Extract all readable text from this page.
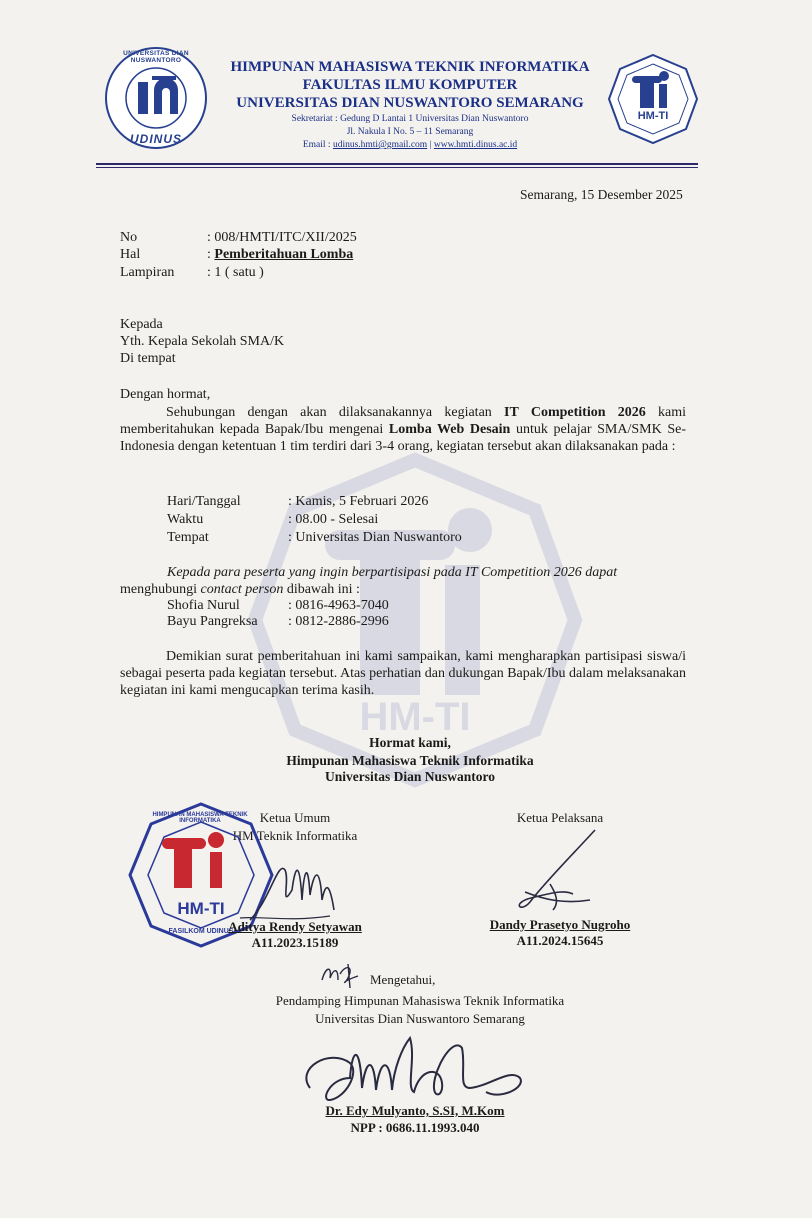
HM-TI
UNIVERSITAS DIAN NUSWANTORO
UDINUS
HM-TI
HIMPUNAN MAHASISWA TEKNIK INFORMATIKA
FAKULTAS ILMU KOMPUTER
UNIVERSITAS DIAN NUSWANTORO SEMARANG
Sekretariat : Gedung D Lantai 1 Universitas Dian Nuswantoro
Jl. Nakula I No. 5 – 11 Semarang
Email : udinus.hmti@gmail.com | www.hmti.dinus.ac.id
Semarang, 15 Desember 2025
No	: 008/HMTI/ITC/XII/2025
Hal	: Pemberitahuan Lomba
Lampiran : 1 ( satu )
Kepada
Yth. Kepala Sekolah SMA/K
Di tempat
Dengan hormat,
Sehubungan dengan akan dilaksanakannya kegiatan IT Competition 2026 kami memberitahukan kepada Bapak/Ibu mengenai Lomba Web Desain untuk pelajar SMA/SMK Se-Indonesia dengan ketentuan 1 tim terdiri dari 3-4 orang, kegiatan tersebut akan dilaksanakan pada :
Hari/Tanggal	: Kamis, 5 Februari 2026
Waktu	: 08.00 - Selesai
Tempat	: Universitas Dian Nuswantoro
Kepada para peserta yang ingin berpartisipasi pada IT Competition 2026 dapat
menghubungi contact person dibawah ini :
Shofia Nurul	: 0816-4963-7040
Bayu Pangreksa : 0812-2886-2996
Demikian surat pemberitahuan ini kami sampaikan, kami mengharapkan partisipasi siswa/i sebagai peserta pada kegiatan tersebut. Atas perhatian dan dukungan Bapak/Ibu dalam melaksanakan kegiatan ini kami mengucapkan terima kasih.
Hormat kami,
Himpunan Mahasiswa Teknik Informatika
Universitas Dian Nuswantoro
Ketua Umum
HM Teknik Informatika
HIMPUNAN MAHASISWA TEKNIK INFORMATIKA
HM-TI
FASILKOM UDINUS
Aditya Rendy Setyawan
A11.2023.15189
Ketua Pelaksana
Dandy Prasetyo Nugroho
A11.2024.15645
Mengetahui,
Pendamping Himpunan Mahasiswa Teknik Informatika
Universitas Dian Nuswantoro Semarang
Dr. Edy Mulyanto, S.SI, M.Kom
NPP : 0686.11.1993.040
